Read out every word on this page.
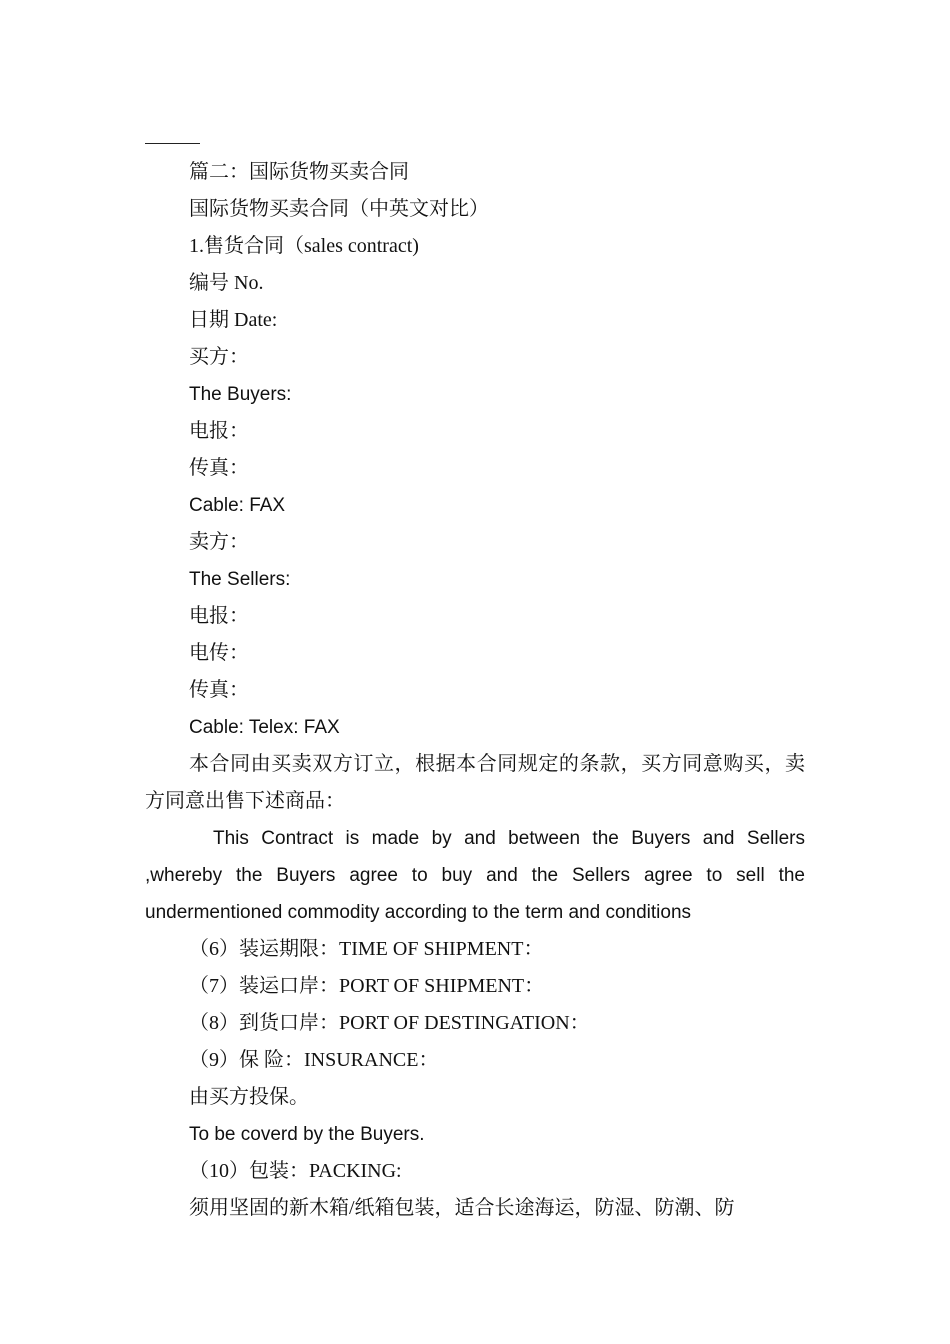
篇二：国际货物买卖合同
国际货物买卖合同（中英文对比）
1.售货合同（sales contract)
编号 No.
日期 Date:
买方：
The Buyers:
电报：
传真：
Cable: FAX
卖方：
The Sellers:
电报：
电传：
传真：
Cable: Telex: FAX

本合同由买卖双方订立，根据本合同规定的条款，买方同意购买，卖方同意出售下述商品：

This Contract is made by and between the Buyers and Sellers ,whereby the Buyers agree to buy and the Sellers agree to sell the undermentioned commodity according to the term and conditions

（6）装运期限：TIME OF SHIPMENT：
（7）装运口岸：PORT OF SHIPMENT：
（8）到货口岸：PORT OF DESTINGATION：
（9）保 险：INSURANCE：
由买方投保。
To be coverd by the Buyers.
（10）包装：PACKING:
须用坚固的新木箱/纸箱包装，适合长途海运，防湿、防潮、防
